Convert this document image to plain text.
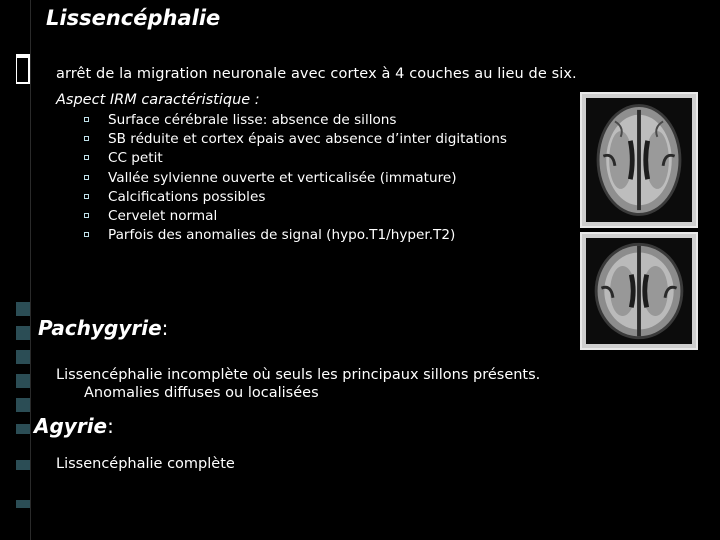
Lissencéphalie
arrêt de la migration neuronale avec cortex à 4 couches au lieu de six.
Aspect IRM caractéristique :
Surface cérébrale lisse: absence de sillons
SB réduite et cortex épais avec absence d’inter digitations
CC petit
Vallée sylvienne ouverte et verticalisée (immature)
Calcifications possibles
Cervelet normal
Parfois des anomalies de signal (hypo.T1/hyper.T2)
Pachygyrie:
Lissencéphalie incomplète où seuls les principaux sillons présents.
Anomalies diffuses ou localisées
Agyrie:
Lissencéphalie complète
